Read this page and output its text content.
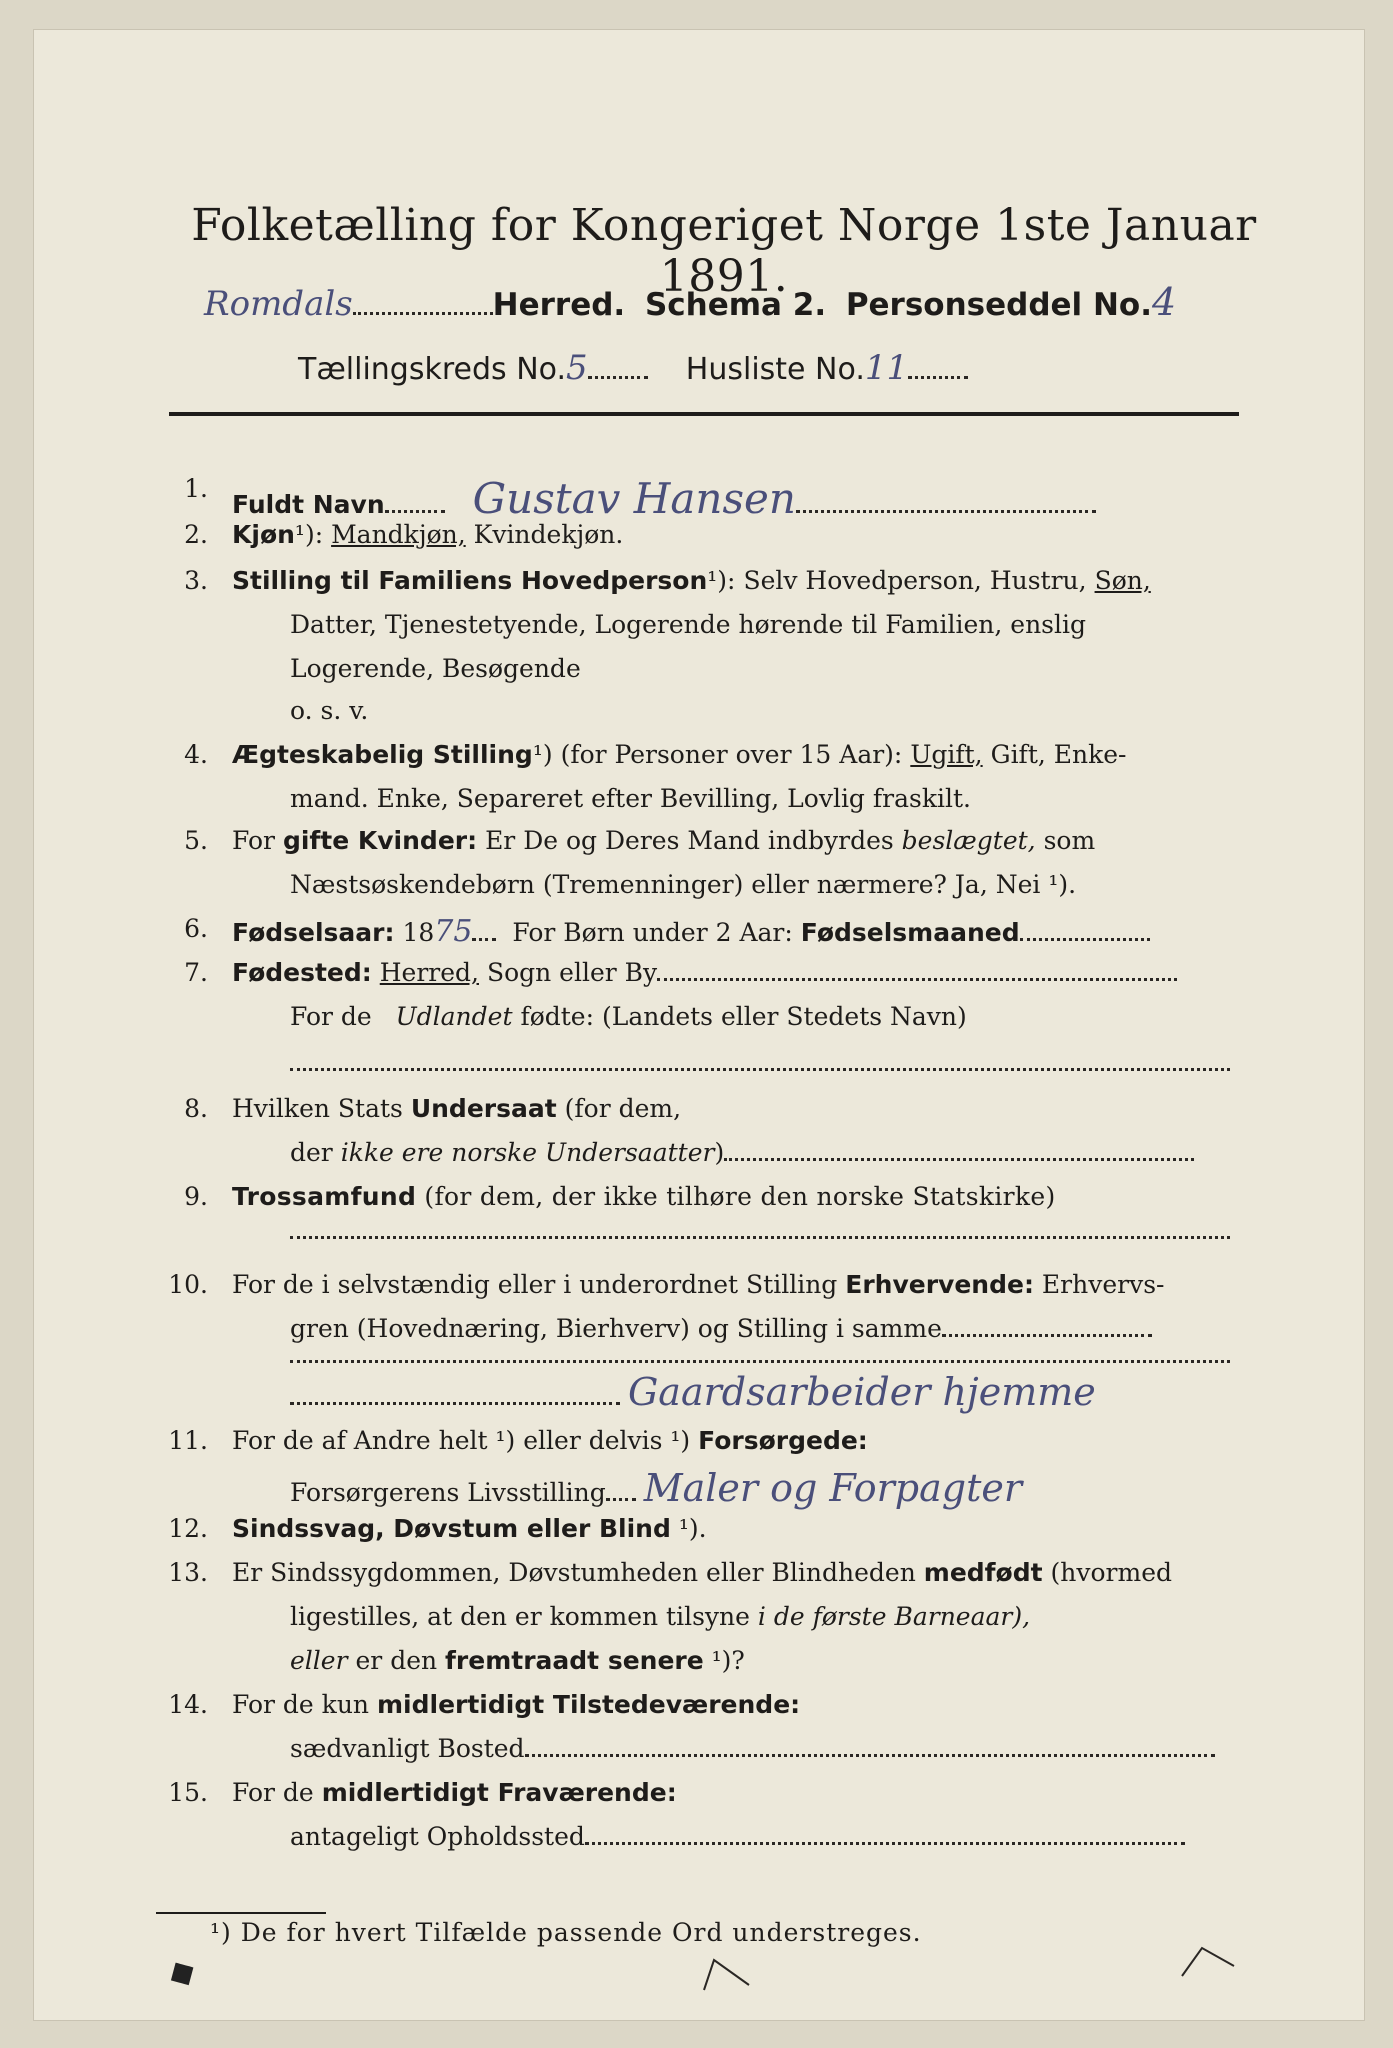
Folketælling for Kongeriget Norge 1ste Januar 1891.
Romdals	Herred. Schema 2. Personseddel No.4
Tællingskreds No.5	Husliste No.11
1.
Fuldt Navn Gustav Hansen
2. Kjøn¹): Mandkjøn, Kvindekjøn.
3. Stilling til Familiens Hovedperson¹): Selv Hovedperson, Hustru, Søn,
Datter, Tjenestetyende, Logerende hørende til Familien, enslig
Logerende, Besøgende
o. s. v.
4. Ægteskabelig Stilling¹) (for Personer over 15 Aar): Ugift, Gift, Enke-
mand. Enke, Separeret efter Bevilling, Lovlig fraskilt.
5. For gifte Kvinder: Er De og Deres Mand indbyrdes beslægtet, som
Næstsøskendebørn (Tremenninger) eller nærmere? Ja, Nei ¹).
6. Fødselsaar: 1875 For Børn under 2 Aar: Fødselsmaaned
7. Fødested: Herred, Sogn eller By
For de Udlandet fødte: (Landets eller Stedets Navn)
8. Hvilken Stats Undersaat (for dem,
der ikke ere norske Undersaatter)
9. Trossamfund (for dem, der ikke tilhøre den norske Statskirke)
10. For de i selvstændig eller i underordnet Stilling Erhvervende: Erhvervs-
gren (Hovednæring, Bierhverv) og Stilling i samme
Gaardsarbeider hjemme
11. For de af Andre helt ¹) eller delvis ¹) Forsørgede:
Forsørgerens Livsstilling Maler og Forpagter
12. Sindssvag, Døvstum eller Blind ¹).
13. Er Sindssygdommen, Døvstumheden eller Blindheden medfødt (hvormed
ligestilles, at den er kommen tilsyne i de første Barneaar),
eller er den fremtraadt senere ¹)?
14. For de kun midlertidigt Tilstedeværende:
sædvanligt Bosted
15. For de midlertidigt Fraværende:
antageligt Opholdssted
¹) De for hvert Tilfælde passende Ord understreges.
◆
